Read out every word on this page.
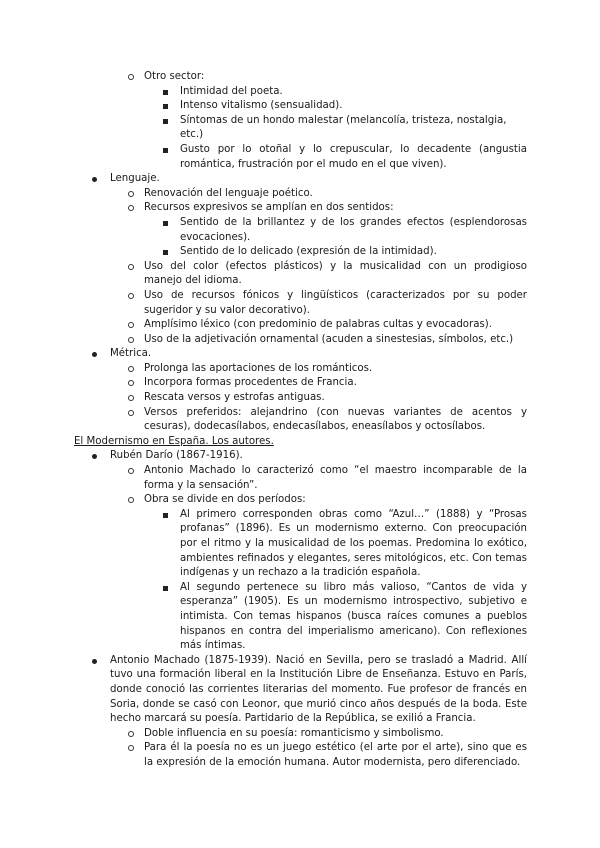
Otro sector:
Intimidad del poeta.
Intenso vitalismo (sensualidad).
Síntomas de un hondo malestar (melancolía, tristeza, nostalgia, etc.)
Gusto por lo otoñal y lo crepuscular, lo decadente (angustia romántica, frustración por el mudo en el que viven).
Lenguaje.
Renovación del lenguaje poético.
Recursos expresivos se amplían en dos sentidos:
Sentido de la brillantez y de los grandes efectos (esplendorosas evocaciones).
Sentido de lo delicado (expresión de la intimidad).
Uso del color (efectos plásticos) y la musicalidad con un prodigioso manejo del idioma.
Uso de recursos fónicos y lingüísticos (caracterizados por su poder sugeridor y su valor decorativo).
Amplísimo léxico (con predominio de palabras cultas y evocadoras).
Uso de la adjetivación ornamental (acuden a sinestesias, símbolos, etc.)
Métrica.
Prolonga las aportaciones de los románticos.
Incorpora formas procedentes de Francia.
Rescata versos y estrofas antiguas.
Versos preferidos: alejandrino (con nuevas variantes de acentos y cesuras), dodecasílabos, endecasílabos, eneasílabos y octosílabos.
El Modernismo en España. Los autores.
Rubén Darío (1867-1916).
Antonio Machado lo caracterizó como “el maestro incomparable de la forma y la sensación”.
Obra se divide en dos períodos:
Al primero corresponden obras como “Azul…” (1888) y “Prosas profanas” (1896). Es un modernismo externo. Con preocupación por el ritmo y la musicalidad de los poemas. Predomina lo exótico, ambientes refinados y elegantes, seres mitológicos, etc. Con temas indígenas y un rechazo a la tradición española.
Al segundo pertenece su libro más valioso, “Cantos de vida y esperanza” (1905). Es un modernismo introspectivo, subjetivo e intimista. Con temas hispanos (busca raíces comunes a pueblos hispanos en contra del imperialismo americano). Con reflexiones más íntimas.
Antonio Machado (1875-1939). Nació en Sevilla, pero se trasladó a Madrid. Allí tuvo una formación liberal en la Institución Libre de Enseñanza. Estuvo en París, donde conoció las corrientes literarias del momento. Fue profesor de francés en Soria, donde se casó con Leonor, que murió cinco años después de la boda. Este hecho marcará su poesía. Partidario de la República, se exilió a Francia.
Doble influencia en su poesía: romanticismo y simbolismo.
Para él la poesía no es un juego estético (el arte por el arte), sino que es la expresión de la emoción humana. Autor modernista, pero diferenciado.
